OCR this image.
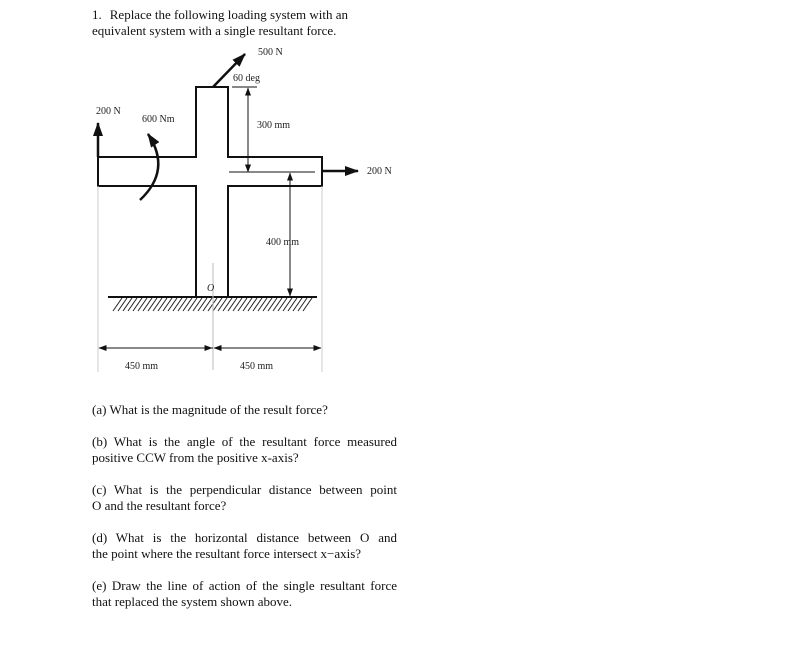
1. Replace the following loading system with an
equivalent system with a single resultant force.
500 N
60 deg
200 N
600 Nm
300 mm
200 N
400 mm
O
450 mm	450 mm
(a) What is the magnitude of the result force?
(b) What is the angle of the resultant force measured
positive CCW from the positive x-axis?
(c) What is the perpendicular distance between point
O and the resultant force?
(d) What is the horizontal distance between O and
the point where the resultant force intersect x−axis?
(e) Draw the line of action of the single resultant force
that replaced the system shown above.
